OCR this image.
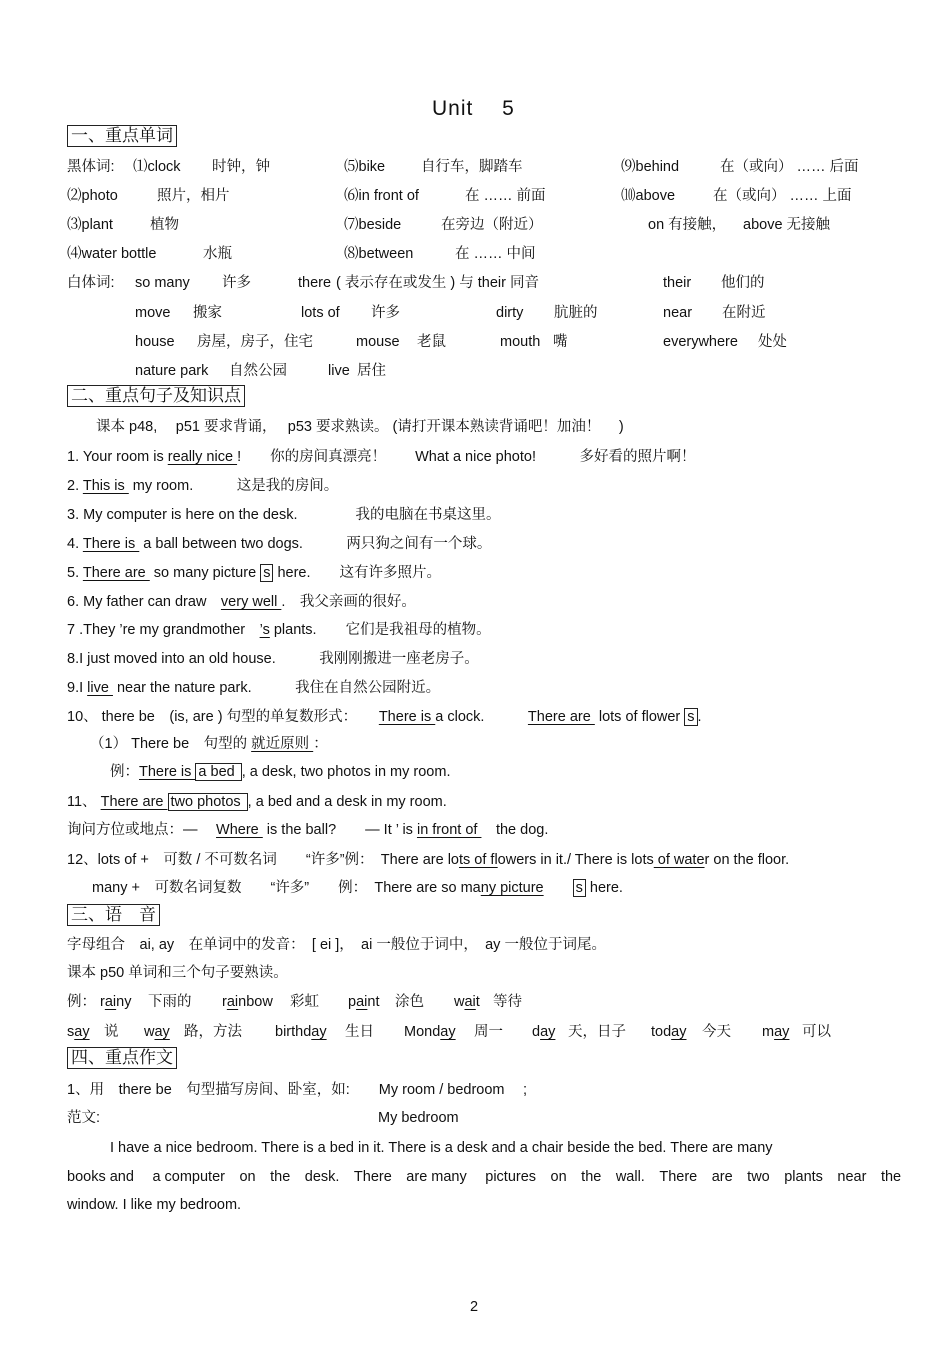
Unit　 5
一、重点单词
黑体词: ⑴clock 时钟，钟	⑸bike 自行车，脚踏车	⑼behind	在（或向） …… 后面
⑵photo	照片，相片	⑹in front of	在 …… 前面	⑽above	在（或向） …… 上面
⑶plant	植物	⑺beside	在旁边（附近）	on 有接触， above 无接触
⑷water bottle	水瓶	⑻between	在 …… 中间
白体词: so many 许多	there ( 表示存在或发生 ) 与 their 同音	their 他们的
move 搬家	lots of 许多	dirty 肮脏的	near 在附近
house 房屋，房子，住宅	mouse 老鼠	mouth 嘴	everywhere 处处
nature park 自然公园	live 居住
二、重点句子及知识点
课本 p48,　 p51 要求背诵，　 p53 要求熟读。 (请打开课本熟读背诵吧！加油！　 )
1. Your room is really nice !　　你的房间真漂亮！　　What a nice photo!　　　多好看的照片啊！
2. This is  my room.　　　这是我的房间。
3. My computer is here on the desk.　　　　我的电脑在书桌这里。
4. There is  a ball between two dogs.　　　两只狗之间有一个球。
5. There are  so many picture s here.　　这有许多照片。
6. My father can draw　very well .　我父亲画的很好。
7 .They ’re my grandmother　’s plants.　　它们是我祖母的植物。
8.I just moved into an old house.　　　我刚刚搬进一座老房子。
9.I live  near the nature park.　　　我住在自然公园附近。
10、 there be　(is, are ) 句型的单复数形式：　　There is a clock.　　　There are  lots of flower s .
（1） There be　句型的 就近原则 ：
例：There is a bed , a desk, two photos in my room.
11、 There are two photos , a bed and a desk in my room.
询问方位或地点：—　 Where  is the ball?　　— It ’ is in front of 　the dog.
12、lots of +　可数 / 不可数名词　　“许多”例：　There are lots of flowers in it./ There is lots of water on the floor.
many +　可数名词复数　　“许多”　　例：　There are so many picture　　 s here.
三、语　音
字母组合　ai, ay　在单词中的发音：　[ ei ]，　ai 一般位于词中，　ay 一般位于词尾。
课本 p50 单词和三个句子要熟读。
例： rainy 下雨的 rainbow 彩虹 paint 涂色 wait 等待
say 说 way 路，方法 birthday 生日 Monday 周一 day 天，日子 today 今天 may 可以
四、重点作文
1、用　there be　句型描写房间、卧室，如:　　My room / bedroom　 ;
范文:	My bedroom
I have a nice bedroom. There is a bed in it. There is a desk and a chair beside the bed. There are many
books and　 a computer　on　the　desk.　There　are many　 pictures　on　the　wall.　There　are　two　plants　near　the
window. I like my bedroom.
2
